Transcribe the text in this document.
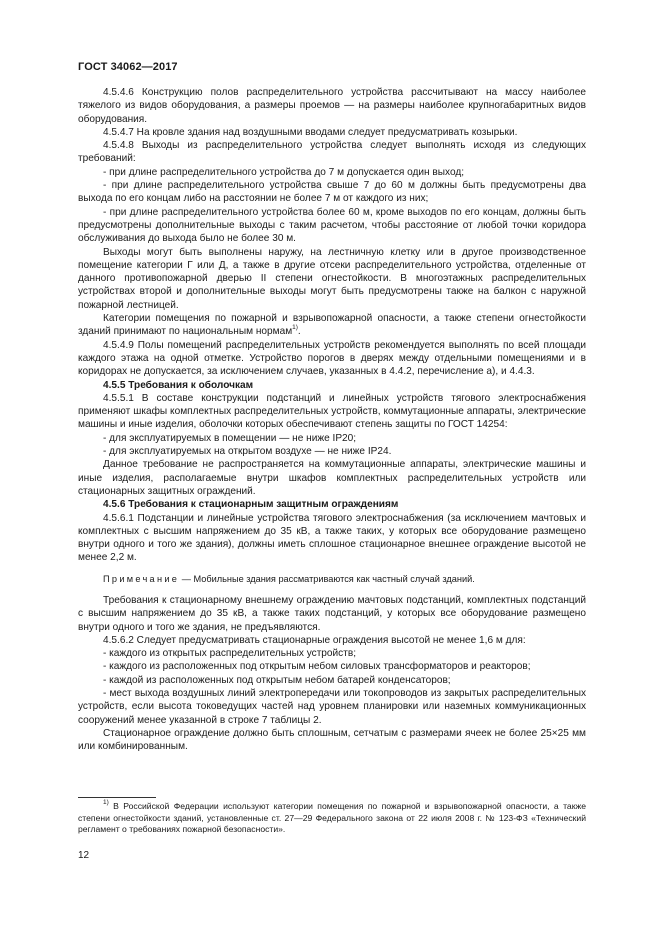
ГОСТ 34062—2017

4.5.4.6 Конструкцию полов распределительного устройства рассчитывают на массу наиболее тяжелого из видов оборудования, а размеры проемов — на размеры наиболее крупногабаритных видов оборудования.

4.5.4.7 На кровле здания над воздушными вводами следует предусматривать козырьки.

4.5.4.8 Выходы из распределительного устройства следует выполнять исходя из следующих требований:

- при длине распределительного устройства до 7 м допускается один выход;

- при длине распределительного устройства свыше 7 до 60 м должны быть предусмотрены два выхода по его концам либо на расстоянии не более 7 м от каждого из них;

- при длине распределительного устройства более 60 м, кроме выходов по его концам, должны быть предусмотрены дополнительные выходы с таким расчетом, чтобы расстояние от любой точки коридора обслуживания до выхода было не более 30 м.

Выходы могут быть выполнены наружу, на лестничную клетку или в другое производственное помещение категории Г или Д, а также в другие отсеки распределительного устройства, отделенные от данного противопожарной дверью II степени огнестойкости. В многоэтажных распределительных устройствах второй и дополнительные выходы могут быть предусмотрены также на балкон с наружной пожарной лестницей.

Категории помещения по пожарной и взрывопожарной опасности, а также степени огнестойкости зданий принимают по национальным нормам$^{1)}$.

4.5.4.9 Полы помещений распределительных устройств рекомендуется выполнять по всей площади каждого этажа на одной отметке. Устройство порогов в дверях между отдельными помещениями и в коридорах не допускается, за исключением случаев, указанных в 4.4.2, перечисление а), и 4.4.3.

4.5.5 Требования к оболочкам

4.5.5.1 В составе конструкции подстанций и линейных устройств тягового электроснабжения применяют шкафы комплектных распределительных устройств, коммутационные аппараты, электрические машины и иные изделия, оболочки которых обеспечивают степень защиты по ГОСТ 14254:

- для эксплуатируемых в помещении — не ниже IP20;

- для эксплуатируемых на открытом воздухе — не ниже IP24.

Данное требование не распространяется на коммутационные аппараты, электрические машины и иные изделия, располагаемые внутри шкафов комплектных распределительных устройств или стационарных защитных ограждений.

4.5.6 Требования к стационарным защитным ограждениям

4.5.6.1 Подстанции и линейные устройства тягового электроснабжения (за исключением мачтовых и комплектных с высшим напряжением до 35 кВ, а также таких, у которых все оборудование размещено внутри одного и того же здания), должны иметь сплошное стационарное внешнее ограждение высотой не менее 2,2 м.

Примечание — Мобильные здания рассматриваются как частный случай зданий.

Требования к стационарному внешнему ограждению мачтовых подстанций, комплектных подстанций с высшим напряжением до 35 кВ, а также таких подстанций, у которых все оборудование размещено внутри одного и того же здания, не предъявляются.

4.5.6.2 Следует предусматривать стационарные ограждения высотой не менее 1,6 м для:

- каждого из открытых распределительных устройств;

- каждого из расположенных под открытым небом силовых трансформаторов и реакторов;

- каждой из расположенных под открытым небом батарей конденсаторов;

- мест выхода воздушных линий электропередачи или токопроводов из закрытых распределительных устройств, если высота токоведущих частей над уровнем планировки или наземных коммуникационных сооружений менее указанной в строке 7 таблицы 2.

Стационарное ограждение должно быть сплошным, сетчатым с размерами ячеек не более 25×25 мм или комбинированным.

$^{1)}$ В Российской Федерации используют категории помещения по пожарной и взрывопожарной опасности, а также степени огнестойкости зданий, установленные ст. 27—29 Федерального закона от 22 июля 2008 г. № 123-ФЗ «Технический регламент о требованиях пожарной безопасности».
12
